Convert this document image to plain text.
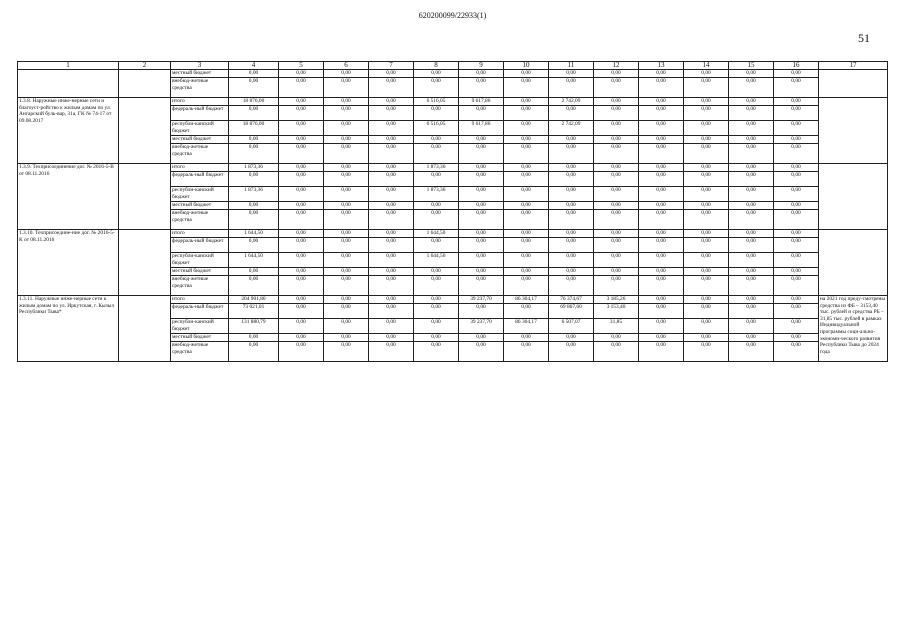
620200099/22933(1)
51
1	2	3	4	5	6	7	8	9	10	11	12	13	14	15	16	17
		местный бюджет	0,00	0,00	0,00	0,00	0,00	0,00	0,00	0,00	0,00	0,00	0,00	0,00	0,00	
		внебюд-жетные средства	0,00	0,00	0,00	0,00	0,00	0,00	0,00	0,00	0,00	0,00	0,00	0,00	0,00	
1.3.8. Наружные инже-нерные сети и благоуст-ройство к жилым домам по ул. Ангарский буль-вар, 31а, ГК № 74-17 от 09.08.2017		итого	18 876,00	0,00	0,00	0,00	6 516,05	9 617,86	0,00	2 742,09	0,00	0,00	0,00	0,00	0,00	
		федераль-ный бюджет	0,00	0,00	0,00	0,00	0,00	0,00	0,00	0,00	0,00	0,00	0,00	0,00	0,00	
		республи-канский бюджет	18 876,00	0,00	0,00	0,00	6 516,05	9 617,86	0,00	2 742,09	0,00	0,00	0,00	0,00	0,00	
		местный бюджет	0,00	0,00	0,00	0,00	0,00	0,00	0,00	0,00	0,00	0,00	0,00	0,00	0,00	
		внебюд-жетные средства	0,00	0,00	0,00	0,00	0,00	0,00	0,00	0,00	0,00	0,00	0,00	0,00	0,00	
1.3.9. Техприсоединение дог. № 2016-5-В от 08.11.2016		итого	1 873,36	0,00	0,00	0,00	1 873,36	0,00	0,00	0,00	0,00	0,00	0,00	0,00	0,00	
		федераль-ный бюджет	0,00	0,00	0,00	0,00	0,00	0,00	0,00	0,00	0,00	0,00	0,00	0,00	0,00	
		республи-канский бюджет	1 873,36	0,00	0,00	0,00	1 873,36	0,00	0,00	0,00	0,00	0,00	0,00	0,00	0,00	
		местный бюджет	0,00	0,00	0,00	0,00	0,00	0,00	0,00	0,00	0,00	0,00	0,00	0,00	0,00	
		внебюд-жетные средства	0,00	0,00	0,00	0,00	0,00	0,00	0,00	0,00	0,00	0,00	0,00	0,00	0,00	
1.3.10. Техприсоедине-ние дог. № 2016-5-К от 08.11.2016		итого	1 644,50	0,00	0,00	0,00	1 644,50	0,00	0,00	0,00	0,00	0,00	0,00	0,00	0,00	
		федераль-ный бюджет	0,00	0,00	0,00	0,00	0,00	0,00	0,00	0,00	0,00	0,00	0,00	0,00	0,00	
		республи-канский бюджет	1 644,50	0,00	0,00	0,00	1 644,50	0,00	0,00	0,00	0,00	0,00	0,00	0,00	0,00	
		местный бюджет	0,00	0,00	0,00	0,00	0,00	0,00	0,00	0,00	0,00	0,00	0,00	0,00	0,00	
		внебюд-жетные средства	0,00	0,00	0,00	0,00	0,00	0,00	0,00	0,00	0,00	0,00	0,00	0,00	0,00	
1.3.11. Наружные инже-нерные сети к жилым домам по ул. Иркутская, г. Кызыл Республики Тыва*		итого	204 901,80	0,00	0,00	0,00	0,00	39 237,70	86 304,17	76 374,67	3 185,26	0,00	0,00	0,00	0,00	на 2021 год преду-смотрены средства из ФБ – 3153,40 тыс. рублей и средства РБ – 31,85 тыс. рублей в рамках Индивидуальной программы соци-ально-экономи-ческого развития Республики Тыва до 2024 года
		федераль-ный бюджет	73 021,01	0,00	0,00	0,00	0,00	0,00	0,00	69 867,60	3 153,40	0,00	0,00	0,00	0,00	
		республи-канский бюджет	131 880,79	0,00	0,00	0,00	0,00	39 237,70	86 304,17	6 507,07	31,85	0,00	0,00	0,00	0,00	
		местный бюджет	0,00	0,00	0,00	0,00	0,00	0,00	0,00	0,00	0,00	0,00	0,00	0,00	0,00	
		внебюд-жетные средства	0,00	0,00	0,00	0,00	0,00	0,00	0,00	0,00	0,00	0,00	0,00	0,00	0,00	
